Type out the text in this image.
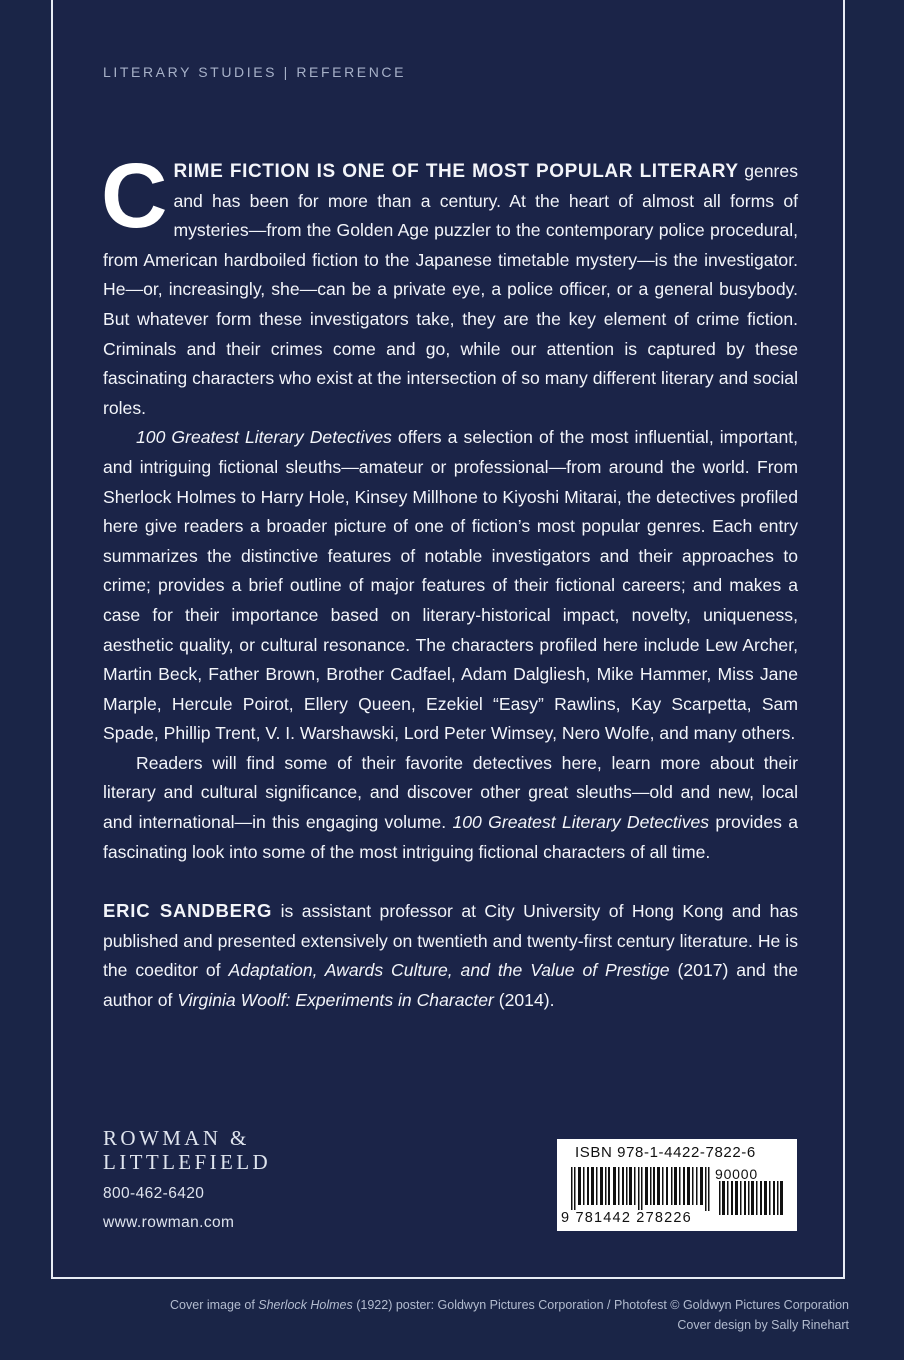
LITERARY STUDIES | REFERENCE

CRIME FICTION IS ONE OF THE MOST POPULAR LITERARY genres and has been for more than a century. At the heart of almost all forms of mysteries—from the Golden Age puzzler to the contemporary police procedural, from American hardboiled fiction to the Japanese timetable mystery—is the investigator. He—or, increasingly, she—can be a private eye, a police officer, or a general busybody. But whatever form these investigators take, they are the key element of crime fiction. Criminals and their crimes come and go, while our attention is captured by these fascinating characters who exist at the intersection of so many different literary and social roles.

100 Greatest Literary Detectives offers a selection of the most influential, important, and intriguing fictional sleuths—amateur or professional—from around the world. From Sherlock Holmes to Harry Hole, Kinsey Millhone to Kiyoshi Mitarai, the detectives profiled here give readers a broader picture of one of fiction’s most popular genres. Each entry summarizes the distinctive features of notable investigators and their approaches to crime; provides a brief outline of major features of their fictional careers; and makes a case for their importance based on literary-historical impact, novelty, uniqueness, aesthetic quality, or cultural resonance. The characters profiled here include Lew Archer, Martin Beck, Father Brown, Brother Cadfael, Adam Dalgliesh, Mike Hammer, Miss Jane Marple, Hercule Poirot, Ellery Queen, Ezekiel “Easy” Rawlins, Kay Scarpetta, Sam Spade, Phillip Trent, V. I. Warshawski, Lord Peter Wimsey, Nero Wolfe, and many others.

Readers will find some of their favorite detectives here, learn more about their literary and cultural significance, and discover other great sleuths—old and new, local and international—in this engaging volume. 100 Greatest Literary Detectives provides a fascinating look into some of the most intriguing fictional characters of all time.

ERIC SANDBERG is assistant professor at City University of Hong Kong and has published and presented extensively on twentieth and twenty-first century literature. He is the coeditor of Adaptation, Awards Culture, and the Value of Prestige (2017) and the author of Virginia Woolf: Experiments in Character (2014).
ROWMAN &
LITTLEFIELD
800-462-6420
www.rowman.com
ISBN 978-1-4422-7822-6
90000
9 781442 278226
Cover image of Sherlock Holmes (1922) poster: Goldwyn Pictures Corporation / Photofest © Goldwyn Pictures Corporation
Cover design by Sally Rinehart
